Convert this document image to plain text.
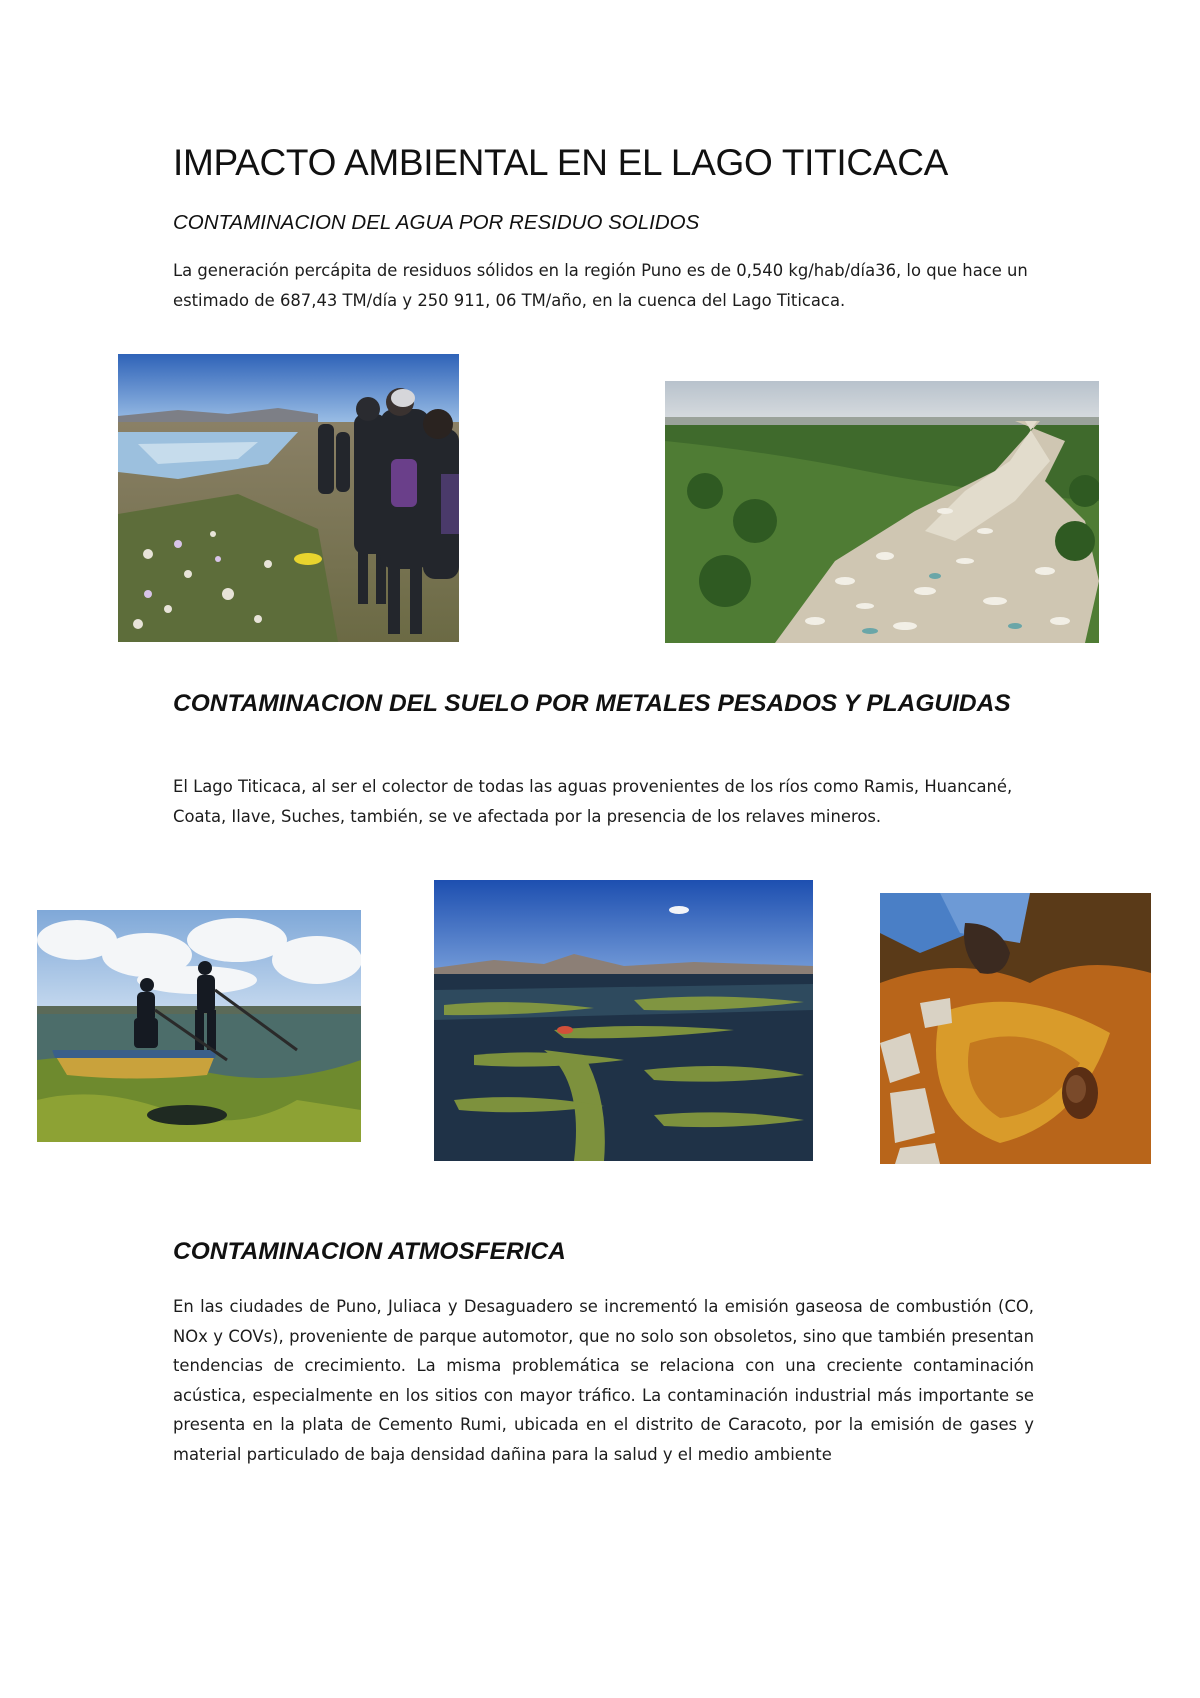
IMPACTO AMBIENTAL EN EL LAGO TITICACA
CONTAMINACION DEL AGUA POR RESIDUO SOLIDOS
La generación percápita de residuos sólidos en la región Puno es de 0,540 kg/hab/día36, lo que hace un estimado de 687,43 TM/día y 250 911, 06 TM/año, en la cuenca del Lago Titicaca.
CONTAMINACION DEL SUELO POR METALES PESADOS Y PLAGUIDAS
El Lago Titicaca, al ser el colector de todas las aguas provenientes de los ríos como Ramis, Huancané, Coata, Ilave, Suches, también, se ve afectada por la presencia de los relaves mineros.
CONTAMINACION ATMOSFERICA
En las ciudades de Puno, Juliaca y Desaguadero se incrementó la emisión gaseosa de combustión (CO, NOx y COVs), proveniente de parque automotor, que no solo son obsoletos, sino que también presentan tendencias de crecimiento. La misma problemática se relaciona con una creciente contaminación acústica, especialmente en los sitios con mayor tráfico. La contaminación industrial más importante se presenta en la plata de Cemento Rumi, ubicada en el distrito de Caracoto, por la emisión de gases y material particulado de baja densidad dañina para la salud y el medio ambiente
